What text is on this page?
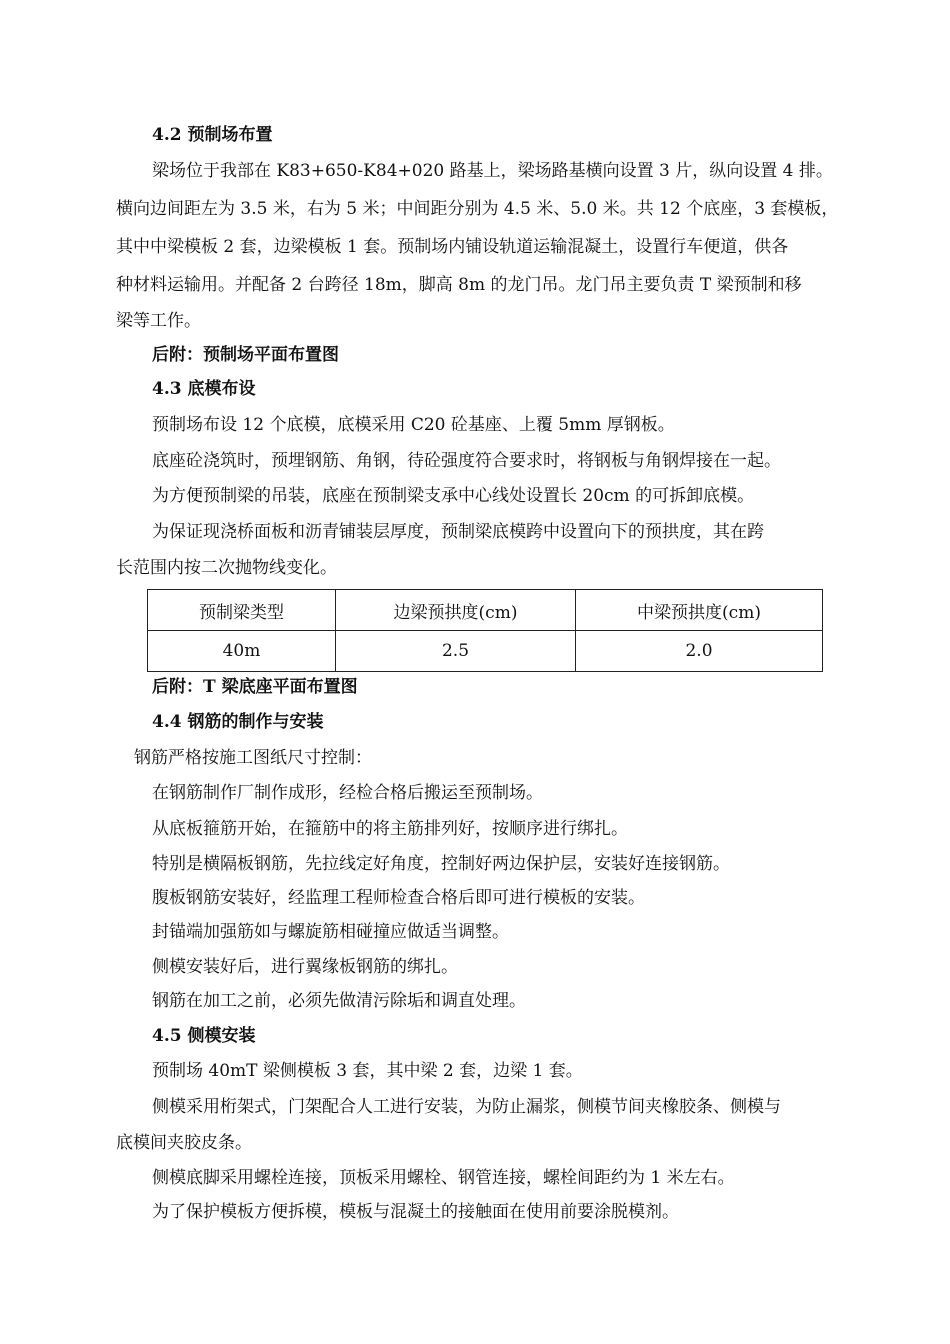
4.2 预制场布置
梁场位于我部在 K83+650-K84+020 路基上，梁场路基横向设置 3 片，纵向设置 4 排。
横向边间距左为 3.5 米，右为 5 米；中间距分别为 4.5 米、5.0 米。共 12 个底座，3 套模板，
其中中梁模板 2 套，边梁模板 1 套。预制场内铺设轨道运输混凝土，设置行车便道，供各
种材料运输用。并配备 2 台跨径 18m，脚高 8m 的龙门吊。龙门吊主要负责 T 梁预制和移
梁等工作。
后附：预制场平面布置图
4.3 底模布设
预制场布设 12 个底模，底模采用 C20 砼基座、上覆 5mm 厚钢板。
底座砼浇筑时，预埋钢筋、角钢，待砼强度符合要求时，将钢板与角钢焊接在一起。
为方便预制梁的吊装，底座在预制梁支承中心线处设置长 20cm 的可拆卸底模。
为保证现浇桥面板和沥青铺装层厚度，预制梁底模跨中设置向下的预拱度，其在跨
长范围内按二次抛物线变化。
预制梁类型	边梁预拱度(cm)	中梁预拱度(cm)
40m	2.5	2.0
后附：T 梁底座平面布置图
4.4 钢筋的制作与安装
钢筋严格按施工图纸尺寸控制：
在钢筋制作厂制作成形，经检合格后搬运至预制场。
从底板箍筋开始，在箍筋中的将主筋排列好，按顺序进行绑扎。
特别是横隔板钢筋，先拉线定好角度，控制好两边保护层，安装好连接钢筋。
腹板钢筋安装好，经监理工程师检查合格后即可进行模板的安装。
封锚端加强筋如与螺旋筋相碰撞应做适当调整。
侧模安装好后，进行翼缘板钢筋的绑扎。
钢筋在加工之前，必须先做清污除垢和调直处理。
4.5 侧模安装
预制场 40mT 梁侧模板 3 套，其中梁 2 套，边梁 1 套。
侧模采用桁架式，门架配合人工进行安装，为防止漏浆，侧模节间夹橡胶条、侧模与
底模间夹胶皮条。
侧模底脚采用螺栓连接，顶板采用螺栓、钢管连接，螺栓间距约为 1 米左右。
为了保护模板方便拆模，模板与混凝土的接触面在使用前要涂脱模剂。
